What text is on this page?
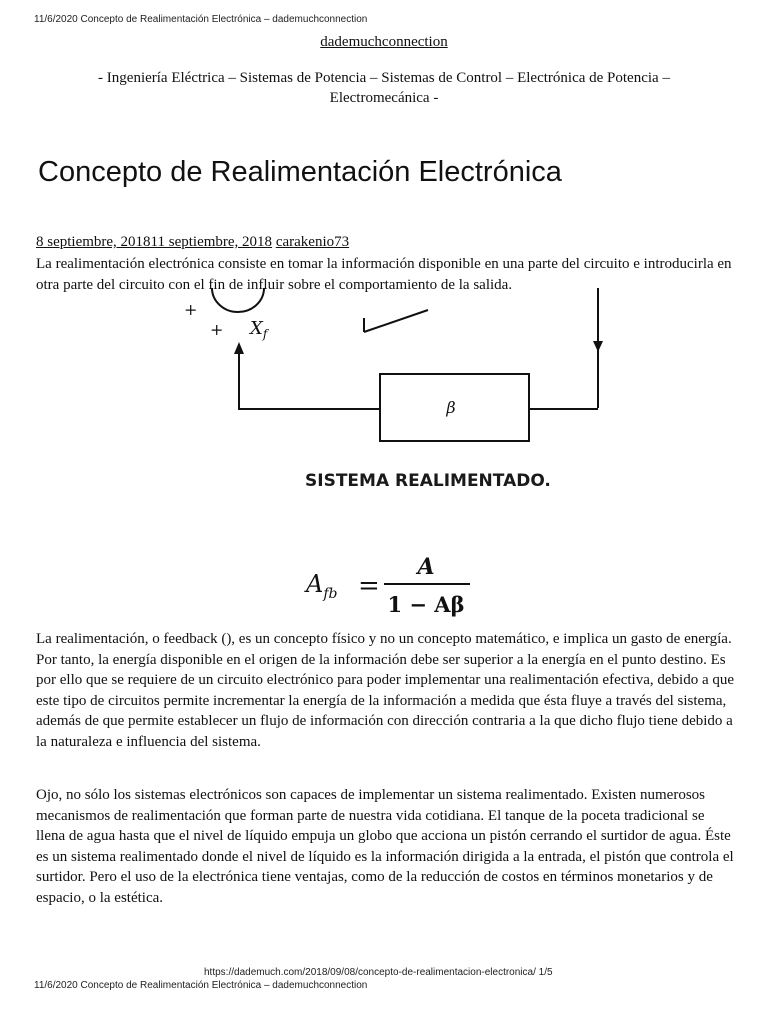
11/6/2020 Concepto de Realimentación Electrónica – dademuchconnection
dademuchconnection
- Ingeniería Eléctrica – Sistemas de Potencia – Sistemas de Control – Electrónica de Potencia – Electromecánica -
Concepto de Realimentación Electrónica
8 septiembre, 201811 septiembre, 2018 carakenio73

La realimentación electrónica consiste en tomar la información disponible en una parte del circuito e introducirla en otra parte del circuito con el fin de influir sobre el comportamiento de la salida.

+
+ $X_f$
β
SISTEMA REALIMENTADO.
$A_{fb}$ =
A
1 − Aβ

La realimentación, o feedback (), es un concepto físico y no un concepto matemático, e implica un gasto de energía. Por tanto, la energía disponible en el origen de la información debe ser superior a la energía en el punto destino. Es por ello que se requiere de un circuito electrónico para poder implementar una realimentación efectiva, debido a que este tipo de circuitos permite incrementar la energía de la información a medida que ésta fluye a través del sistema, además de que permite establecer un flujo de información con dirección contraria a la que dicho flujo tiene debido a la naturaleza e influencia del sistema.

Ojo, no sólo los sistemas electrónicos son capaces de implementar un sistema realimentado. Existen numerosos mecanismos de realimentación que forman parte de nuestra vida cotidiana. El tanque de la poceta tradicional se llena de agua hasta que el nivel de líquido empuja un globo que acciona un pistón cerrando el surtidor de agua. Éste es un sistema realimentado donde el nivel de líquido es la información dirigida a la entrada, el pistón que controla el surtidor. Pero el uso de la electrónica tiene ventajas, como de la reducción de costos en términos monetarios y de espacio, o la estética.

https://dademuch.com/2018/09/08/concepto-de-realimentacion-electronica/ 1/5
11/6/2020 Concepto de Realimentación Electrónica – dademuchconnection
